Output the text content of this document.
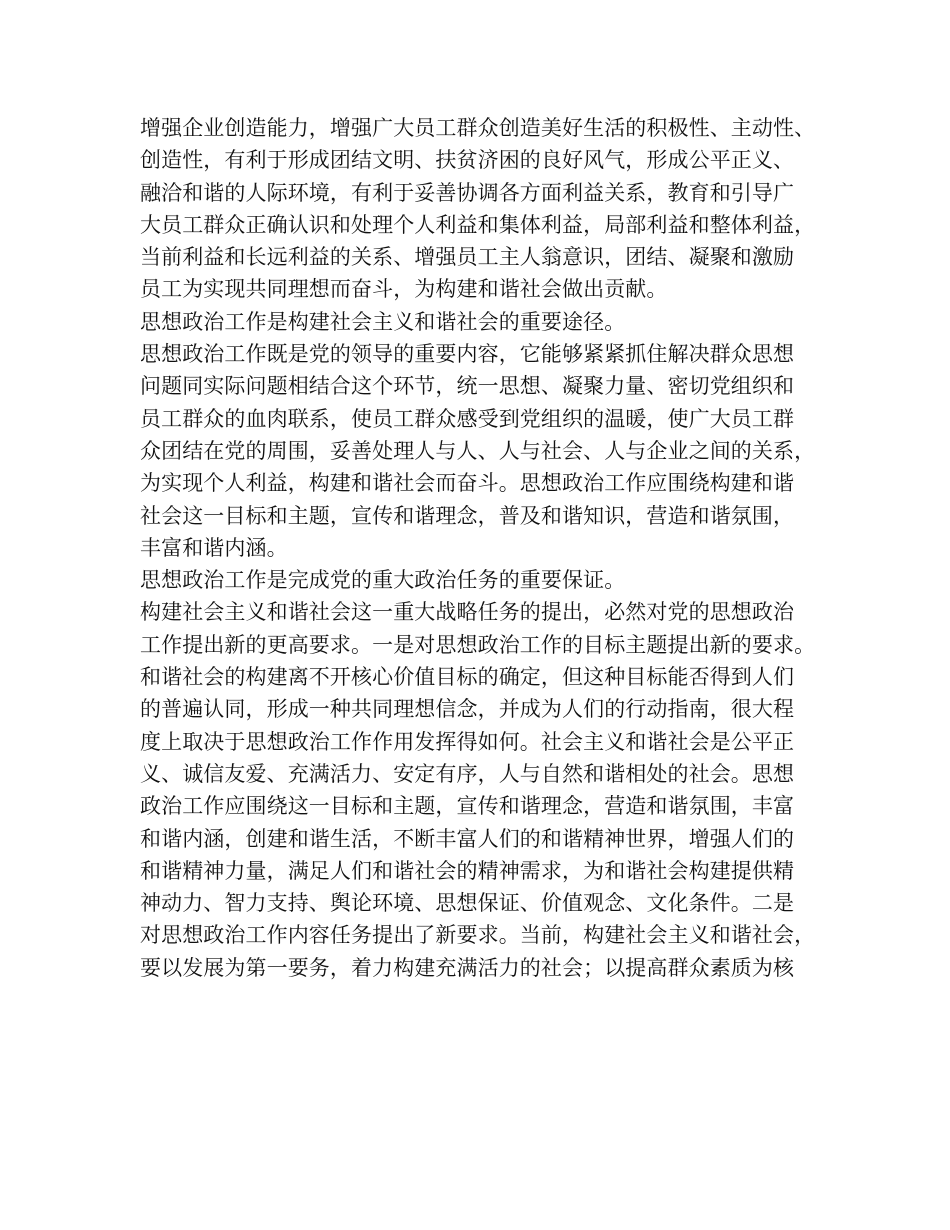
增强企业创造能力，增强广大员工群众创造美好生活的积极性、主动性、
创造性，有利于形成团结文明、扶贫济困的良好风气，形成公平正义、
融洽和谐的人际环境，有利于妥善协调各方面利益关系，教育和引导广
大员工群众正确认识和处理个人利益和集体利益，局部利益和整体利益，
当前利益和长远利益的关系、增强员工主人翁意识，团结、凝聚和激励
员工为实现共同理想而奋斗，为构建和谐社会做出贡献。
思想政治工作是构建社会主义和谐社会的重要途径。
思想政治工作既是党的领导的重要内容，它能够紧紧抓住解决群众思想
问题同实际问题相结合这个环节，统一思想、凝聚力量、密切党组织和
员工群众的血肉联系，使员工群众感受到党组织的温暖，使广大员工群
众团结在党的周围，妥善处理人与人、人与社会、人与企业之间的关系，
为实现个人利益，构建和谐社会而奋斗。思想政治工作应围绕构建和谐
社会这一目标和主题，宣传和谐理念，普及和谐知识，营造和谐氛围，
丰富和谐内涵。
思想政治工作是完成党的重大政治任务的重要保证。
构建社会主义和谐社会这一重大战略任务的提出，必然对党的思想政治
工作提出新的更高要求。一是对思想政治工作的目标主题提出新的要求。
和谐社会的构建离不开核心价值目标的确定，但这种目标能否得到人们
的普遍认同，形成一种共同理想信念，并成为人们的行动指南，很大程
度上取决于思想政治工作作用发挥得如何。社会主义和谐社会是公平正
义、诚信友爱、充满活力、安定有序，人与自然和谐相处的社会。思想
政治工作应围绕这一目标和主题，宣传和谐理念，营造和谐氛围，丰富
和谐内涵，创建和谐生活，不断丰富人们的和谐精神世界，增强人们的
和谐精神力量，满足人们和谐社会的精神需求，为和谐社会构建提供精
神动力、智力支持、舆论环境、思想保证、价值观念、文化条件。二是
对思想政治工作内容任务提出了新要求。当前，构建社会主义和谐社会，
要以发展为第一要务，着力构建充满活力的社会；以提高群众素质为核
